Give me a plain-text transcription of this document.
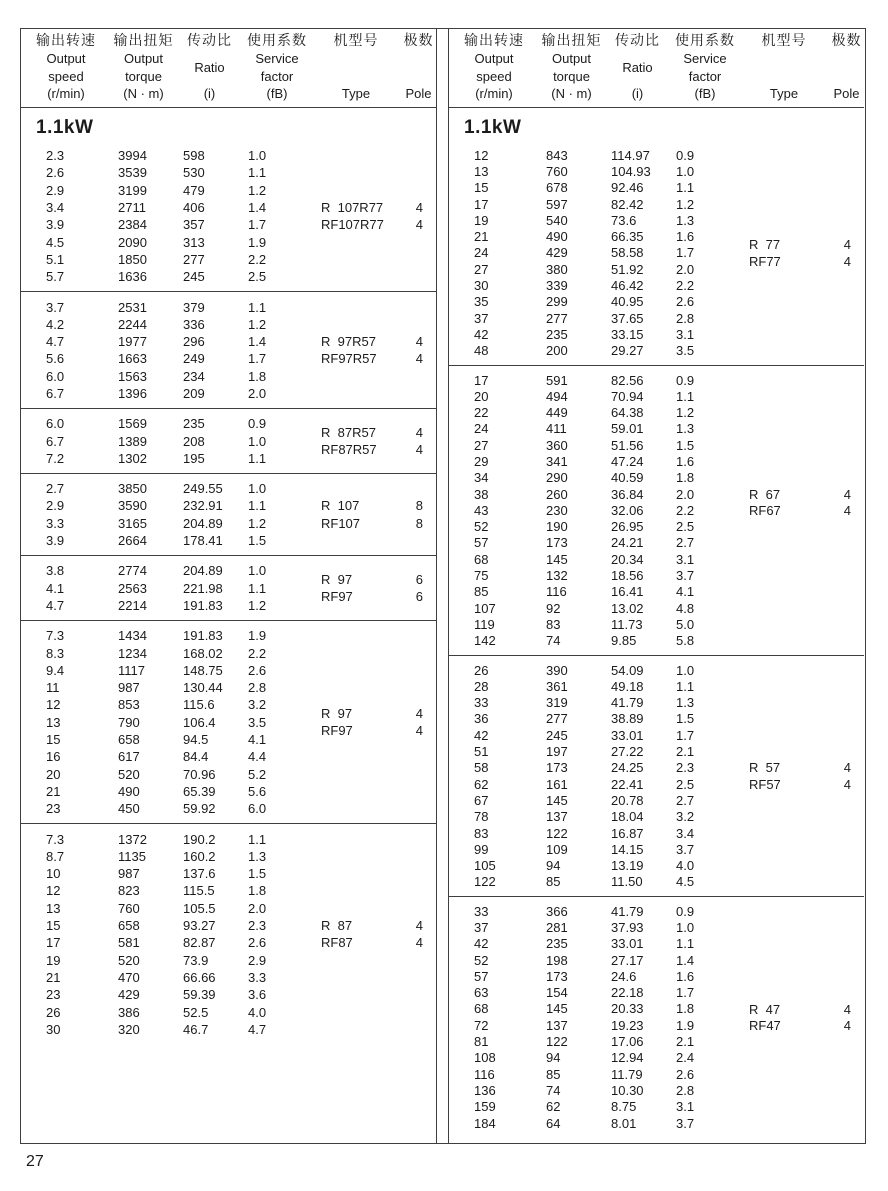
输出转速
Output
speed
(r/min)
输出扭矩
Output
torque
(N · m)
传动比
Ratio
(i)
使用系数
Service
factor
(fB)
机型号
Type
极数
Pole
1.1kW
2.3	3994	598	1.0
2.6	3539	530	1.1
2.9	3199	479	1.2
3.4	2711	406	1.4
3.9	2384	357	1.7
4.5	2090	313	1.9
5.1	1850	277	2.2
5.7	1636	245	2.5
R  107R77	4
RF107R77 4
3.7	2531	379	1.1
4.2	2244	336	1.2
4.7	1977	296	1.4
5.6	1663	249	1.7
6.0	1563	234	1.8
6.7	1396	209	2.0
R  97R57	4
RF97R57	4
6.0	1569	235	0.9
6.7	1389	208	1.0
7.2	1302	195	1.1
R  87R57	4
RF87R57	4
2.7	3850	249.55	1.0
2.9	3590	232.91	1.1
3.3	3165	204.89	1.2
3.9	2664	178.41	1.5
R  107	8
RF107	8
3.8	2774	204.89	1.0
4.1	2563	221.98	1.1
4.7	2214	191.83	1.2
R  97	6
RF97	6
7.3	1434	191.83	1.9
8.3	1234	168.02	2.2
9.4	1117	148.75	2.6
11	987	130.44	2.8
12	853	115.6	3.2
13	790	106.4	3.5
15	658	94.5	4.1
16	617	84.4	4.4
20	520	70.96	5.2
21	490	65.39	5.6
23	450	59.92	6.0
R  97	4
RF97	4
7.3	1372	190.2	1.1
8.7	1135	160.2	1.3
10	987	137.6	1.5
12	823	115.5	1.8
13	760	105.5	2.0
15	658	93.27	2.3
17	581	82.87	2.6
19	520	73.9	2.9
21	470	66.66	3.3
23	429	59.39	3.6
26	386	52.5	4.0
30	320	46.7	4.7
R  87	4
RF87	4
输出转速
Output
speed
(r/min)
输出扭矩
Output
torque
(N · m)
传动比
Ratio
(i)
使用系数
Service
factor
(fB)
机型号
Type
极数
Pole
1.1kW
12	843	114.97	0.9
13	760	104.93	1.0
15	678	92.46	1.1
17	597	82.42	1.2
19	540	73.6	1.3
21	490	66.35	1.6
24	429	58.58	1.7
27	380	51.92	2.0
30	339	46.42	2.2
35	299	40.95	2.6
37	277	37.65	2.8
42	235	33.15	3.1
48	200	29.27	3.5
R  77	4
RF77	4
17	591	82.56	0.9
20	494	70.94	1.1
22	449	64.38	1.2
24	411	59.01	1.3
27	360	51.56	1.5
29	341	47.24	1.6
34	290	40.59	1.8
38	260	36.84	2.0
43	230	32.06	2.2
52	190	26.95	2.5
57	173	24.21	2.7
68	145	20.34	3.1
75	132	18.56	3.7
85	116	16.41	4.1
107	92	13.02	4.8
119	83	11.73	5.0
142	74	9.85	5.8
R  67	4
RF67	4
26	390	54.09	1.0
28	361	49.18	1.1
33	319	41.79	1.3
36	277	38.89	1.5
42	245	33.01	1.7
51	197	27.22	2.1
58	173	24.25	2.3
62	161	22.41	2.5
67	145	20.78	2.7
78	137	18.04	3.2
83	122	16.87	3.4
99	109	14.15	3.7
105	94	13.19	4.0
122	85	11.50	4.5
R  57	4
RF57	4
33	366	41.79	0.9
37	281	37.93	1.0
42	235	33.01	1.1
52	198	27.17	1.4
57	173	24.6	1.6
63	154	22.18	1.7
68	145	20.33	1.8
72	137	19.23	1.9
81	122	17.06	2.1
108	94	12.94	2.4
116	85	11.79	2.6
136	74	10.30	2.8
159	62	8.75	3.1
184	64	8.01	3.7
R  47	4
RF47	4
27
